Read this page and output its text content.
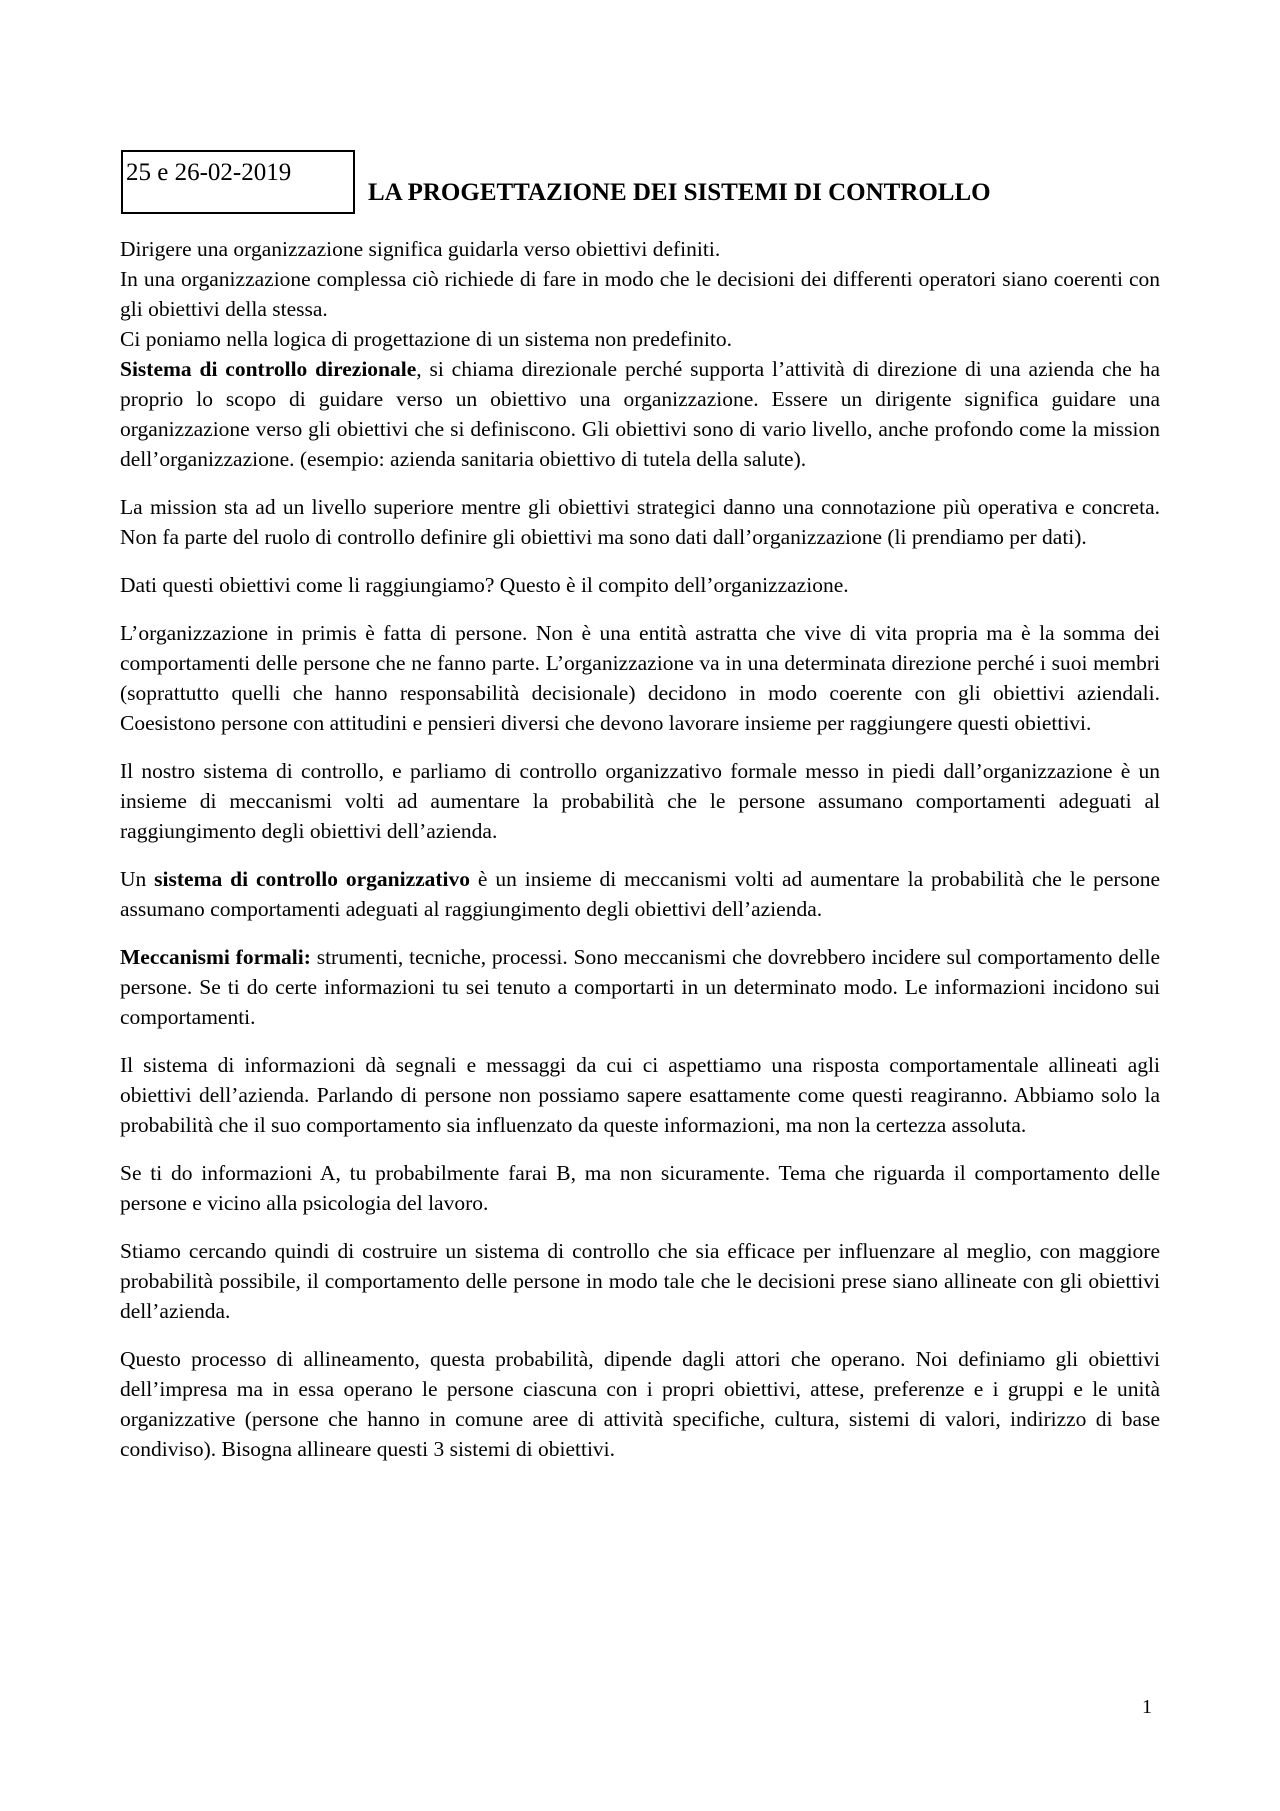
25 e 26-02-2019
LA PROGETTAZIONE DEI SISTEMI DI CONTROLLO

Dirigere una organizzazione significa guidarla verso obiettivi definiti.

In una organizzazione complessa ciò richiede di fare in modo che le decisioni dei differenti operatori siano coerenti con gli obiettivi della stessa.

Ci poniamo nella logica di progettazione di un sistema non predefinito.

Sistema di controllo direzionale, si chiama direzionale perché supporta l’attività di direzione di una azienda che ha proprio lo scopo di guidare verso un obiettivo una organizzazione. Essere un dirigente significa guidare una organizzazione verso gli obiettivi che si definiscono. Gli obiettivi sono di vario livello, anche profondo come la mission dell’organizzazione. (esempio: azienda sanitaria obiettivo di tutela della salute).

La mission sta ad un livello superiore mentre gli obiettivi strategici danno una connotazione più operativa e concreta. Non fa parte del ruolo di controllo definire gli obiettivi ma sono dati dall’organizzazione (li prendiamo per dati).

Dati questi obiettivi come li raggiungiamo? Questo è il compito dell’organizzazione.

L’organizzazione in primis è fatta di persone. Non è una entità astratta che vive di vita propria ma è la somma dei comportamenti delle persone che ne fanno parte. L’organizzazione va in una determinata direzione perché i suoi membri (soprattutto quelli che hanno responsabilità decisionale) decidono in modo coerente con gli obiettivi aziendali. Coesistono persone con attitudini e pensieri diversi che devono lavorare insieme per raggiungere questi obiettivi.

Il nostro sistema di controllo, e parliamo di controllo organizzativo formale messo in piedi dall’organizzazione è un insieme di meccanismi volti ad aumentare la probabilità che le persone assumano comportamenti adeguati al raggiungimento degli obiettivi dell’azienda.

Un sistema di controllo organizzativo è un insieme di meccanismi volti ad aumentare la probabilità che le persone assumano comportamenti adeguati al raggiungimento degli obiettivi dell’azienda.

Meccanismi formali: strumenti, tecniche, processi. Sono meccanismi che dovrebbero incidere sul comportamento delle persone. Se ti do certe informazioni tu sei tenuto a comportarti in un determinato modo. Le informazioni incidono sui comportamenti.

Il sistema di informazioni dà segnali e messaggi da cui ci aspettiamo una risposta comportamentale allineati agli obiettivi dell’azienda. Parlando di persone non possiamo sapere esattamente come questi reagiranno. Abbiamo solo la probabilità che il suo comportamento sia influenzato da queste informazioni, ma non la certezza assoluta.

Se ti do informazioni A, tu probabilmente farai B, ma non sicuramente. Tema che riguarda il comportamento delle persone e vicino alla psicologia del lavoro.

Stiamo cercando quindi di costruire un sistema di controllo che sia efficace per influenzare al meglio, con maggiore probabilità possibile, il comportamento delle persone in modo tale che le decisioni prese siano allineate con gli obiettivi dell’azienda.

Questo processo di allineamento, questa probabilità, dipende dagli attori che operano. Noi definiamo gli obiettivi dell’impresa ma in essa operano le persone ciascuna con i propri obiettivi, attese, preferenze e i gruppi e le unità organizzative (persone che hanno in comune aree di attività specifiche, cultura, sistemi di valori, indirizzo di base condiviso). Bisogna allineare questi 3 sistemi di obiettivi.

1
